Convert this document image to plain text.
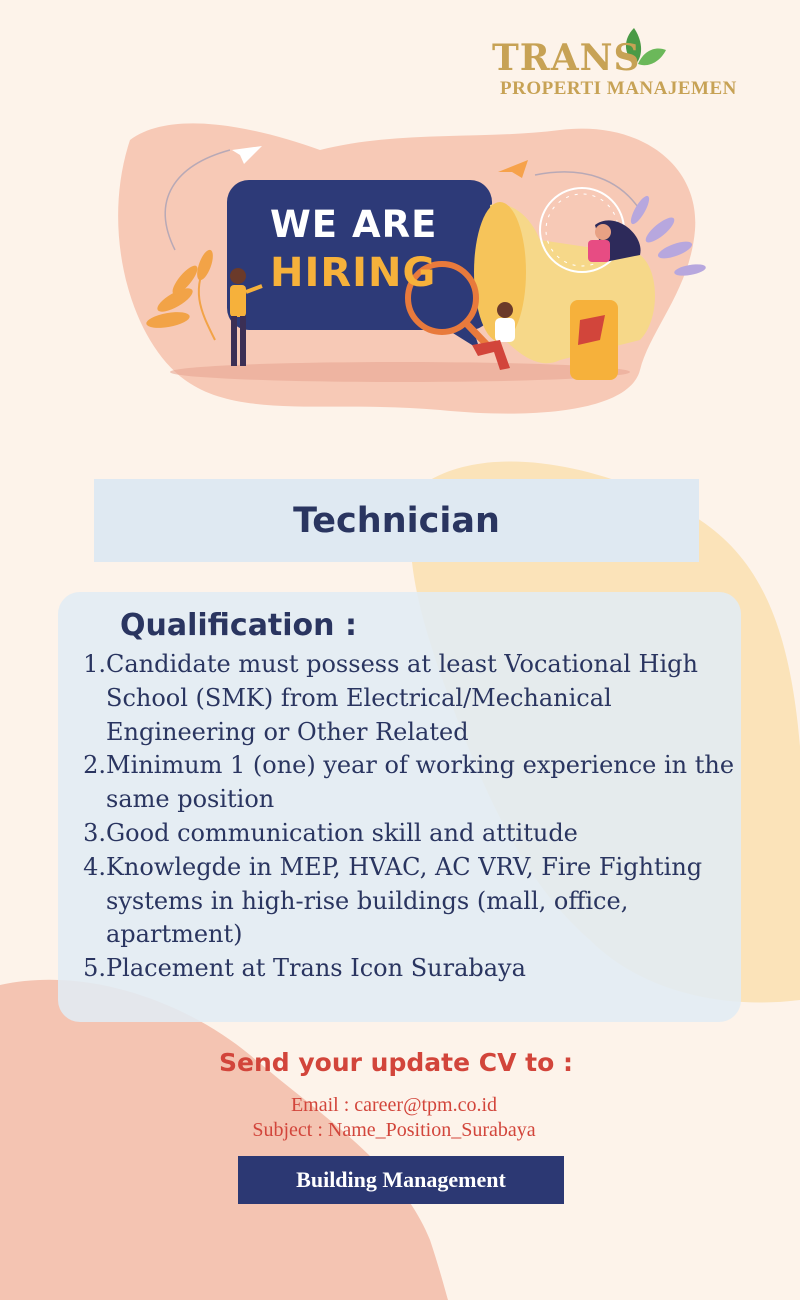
TRANS
PROPERTI MANAJEMEN
WE ARE
HIRING
Technician
Qualification :
1. Candidate must possess at least Vocational High School (SMK) from Electrical/Mechanical Engineering or Other Related
2. Minimum 1 (one) year of working experience in the same position
3. Good communication skill and attitude
4. Knowlegde in MEP, HVAC, AC VRV, Fire Fighting systems in high-rise buildings (mall, office, apartment)
5. Placement at Trans Icon Surabaya
Send your update CV to :
Email : career@tpm.co.id
Subject : Name_Position_Surabaya
Building Management
